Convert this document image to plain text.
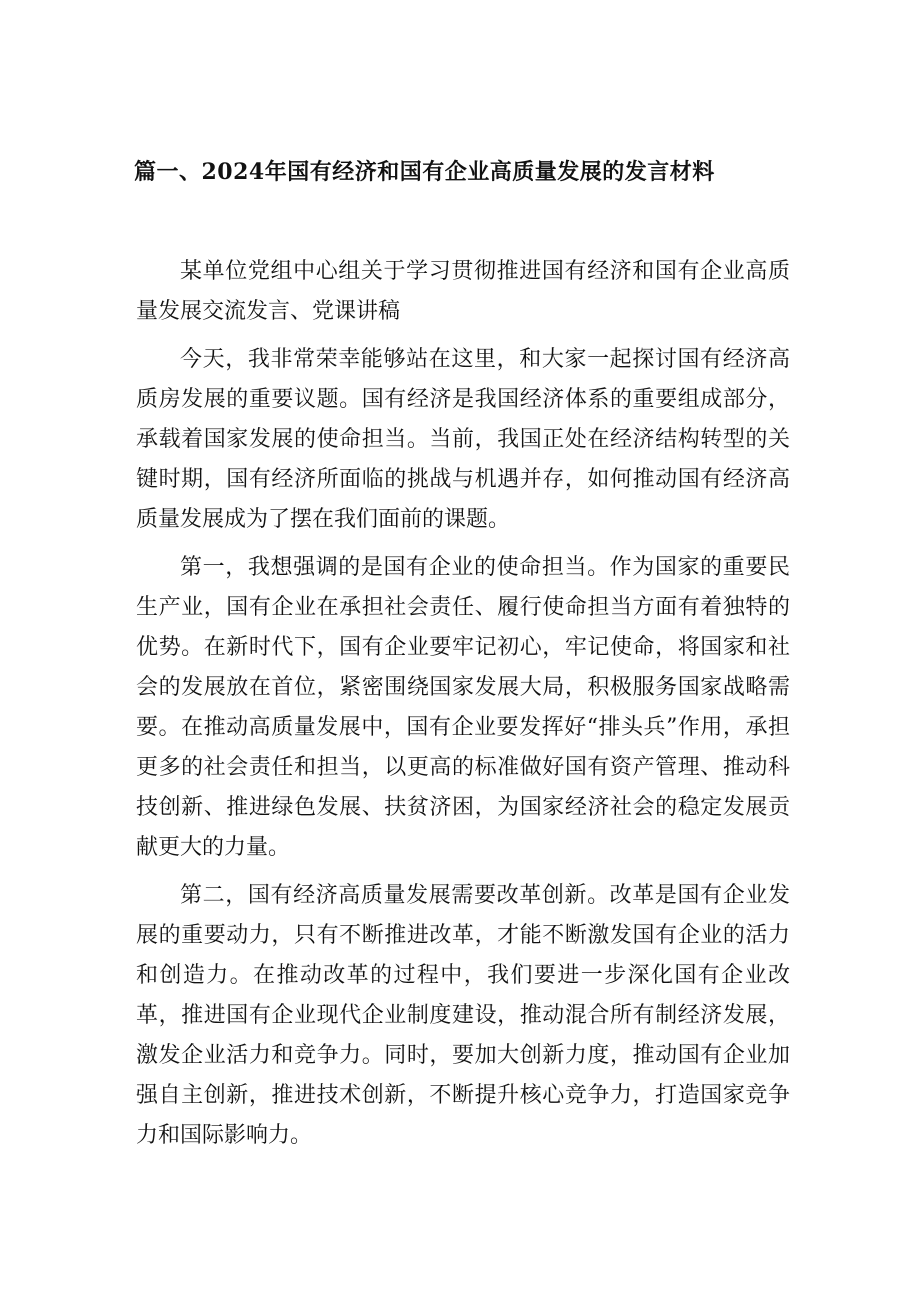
篇一、2024年国有经济和国有企业高质量发展的发言材料

某单位党组中心组关于学习贯彻推进国有经济和国有企业高质量发展交流发言、党课讲稿

今天，我非常荣幸能够站在这里，和大家一起探讨国有经济高质房发展的重要议题。国有经济是我国经济体系的重要组成部分，承载着国家发展的使命担当。当前，我国正处在经济结构转型的关键时期，国有经济所面临的挑战与机遇并存，如何推动国有经济高质量发展成为了摆在我们面前的课题。

第一，我想强调的是国有企业的使命担当。作为国家的重要民生产业，国有企业在承担社会责任、履行使命担当方面有着独特的优势。在新时代下，国有企业要牢记初心，牢记使命，将国家和社会的发展放在首位，紧密围绕国家发展大局，积极服务国家战略需要。在推动高质量发展中，国有企业要发挥好“排头兵”作用，承担更多的社会责任和担当，以更高的标准做好国有资产管理、推动科技创新、推进绿色发展、扶贫济困，为国家经济社会的稳定发展贡献更大的力量。

第二，国有经济高质量发展需要改革创新。改革是国有企业发展的重要动力，只有不断推进改革，才能不断激发国有企业的活力和创造力。在推动改革的过程中，我们要进一步深化国有企业改革，推进国有企业现代企业制度建设，推动混合所有制经济发展，激发企业活力和竞争力。同时，要加大创新力度，推动国有企业加强自主创新，推进技术创新，不断提升核心竞争力，打造国家竞争力和国际影响力。
